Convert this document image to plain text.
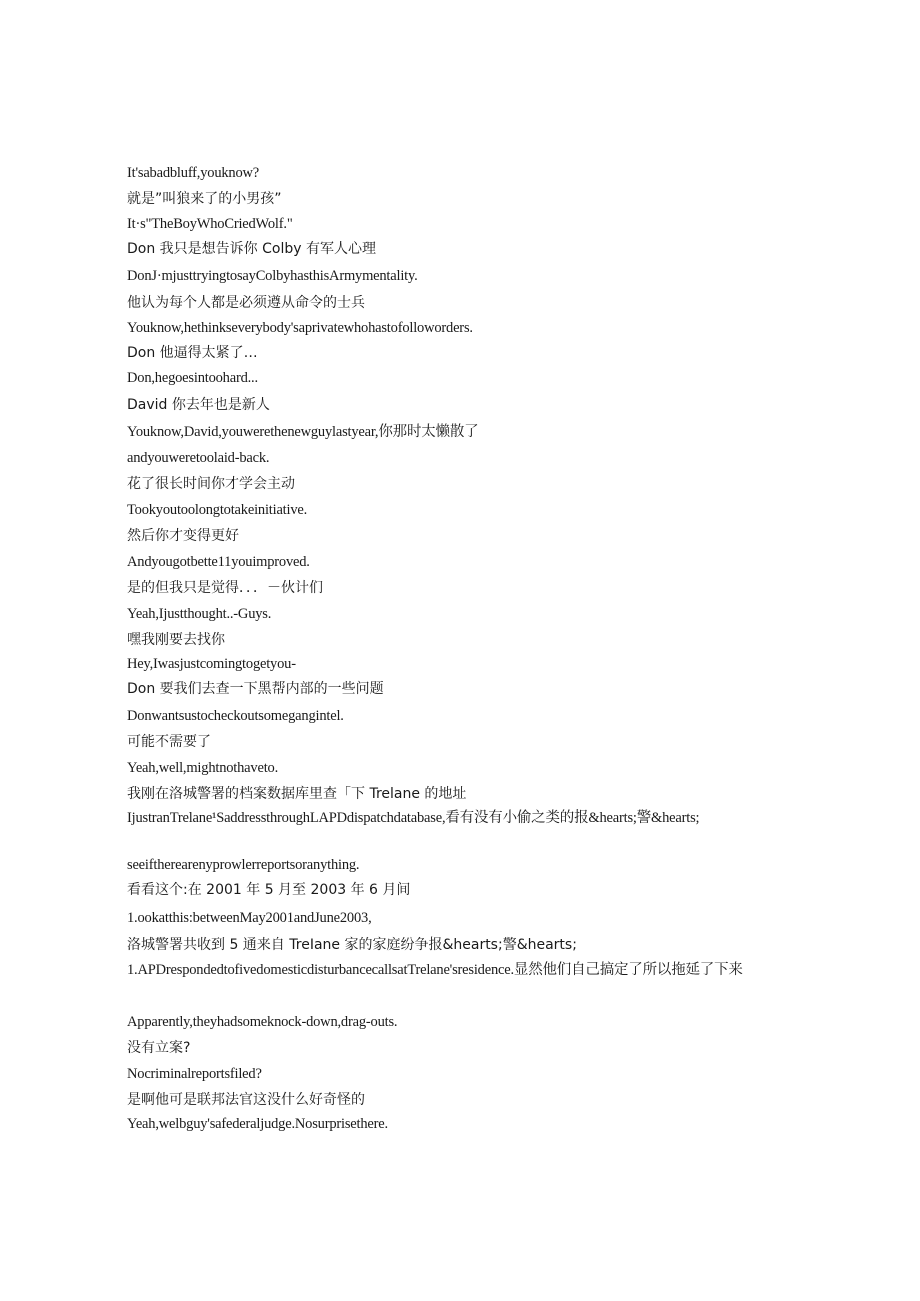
It'sabadbluff,youknow?
就是”叫狼来了的小男孩”
It·s"TheBoyWhoCriedWolf."
Don 我只是想告诉你 Colby 有军人心理
DonJ·mjusttryingtosayColbyhasthisArmymentality.
他认为每个人都是必须遵从命令的士兵
Youknow,hethinkseverybody'saprivatewhohastofolloworders.
Don 他逼得太紧了…
Don,hegoesintoohard...
David 你去年也是新人
Youknow,David,youwerethenewguylastyear,你那时太懒散了
andyouweretoolaid-back.
花了很长时间你才学会主动
Tookyoutoolongtotakeinitiative.
然后你才变得更好
Andyougotbette11youimproved.
是的但我只是觉得．．．－伙计们
Yeah,Ijustthought..-Guys.
嘿我刚要去找你
Hey,Iwasjustcomingtogetyou-
Don 要我们去查一下黑帮内部的一些问题
Donwantsustocheckoutsomegangintel.
可能不需要了
Yeah,well,mightnothaveto.
我刚在洛城警署的档案数据库里查「下 Trelane 的地址
IjustranTrelane¹SaddressthroughLAPDdispatchdatabase,看有没有小偷之类的报&hearts;警&hearts;
seeiftherearenyprowlerreportsoranything.
看看这个:在 2001 年 5 月至 2003 年 6 月间
1.ookatthis:betweenMay2001andJune2003,
洛城警署共收到 5 通来自 TreIane 家的家庭纷争报&hearts;警&hearts;
1.APDrespondedtofivedomesticdisturbancecallsatTrelane'sresidence.显然他们自己搞定了所以拖延了下来
Apparently,theyhadsomeknock-down,drag-outs.
没有立案?
Nocriminalreportsfiled?
是啊他可是联邦法官这没什么好奇怪的
Yeah,welbguy'safederaljudge.Nosurprisethere.
